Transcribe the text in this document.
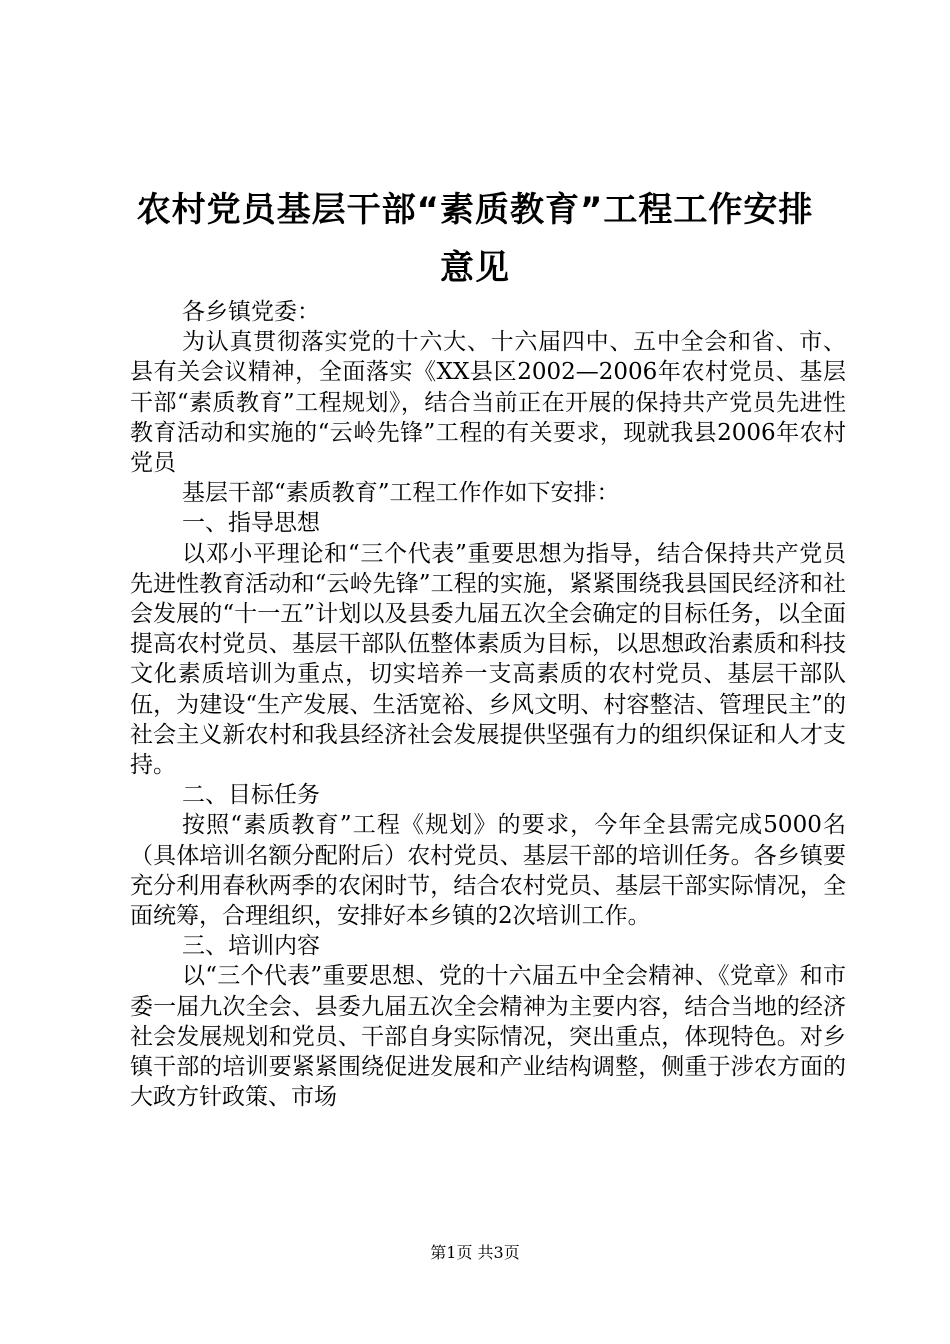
农村党员基层干部“素质教育”工程工作安排
意见

各乡镇党委：

为认真贯彻落实党的十六大、十六届四中、五中全会和省、市、县有关会议精神，全面落实《XX县区2002—2006年农村党员、基层干部“素质教育”工程规划》，结合当前正在开展的保持共产党员先进性教育活动和实施的“云岭先锋”工程的有关要求，现就我县2006年农村党员

基层干部“素质教育”工程工作作如下安排：

一、指导思想

以邓小平理论和“三个代表”重要思想为指导，结合保持共产党员先进性教育活动和“云岭先锋”工程的实施，紧紧围绕我县国民经济和社会发展的“十一五”计划以及县委九届五次全会确定的目标任务，以全面提高农村党员、基层干部队伍整体素质为目标，以思想政治素质和科技文化素质培训为重点，切实培养一支高素质的农村党员、基层干部队伍，为建设“生产发展、生活宽裕、乡风文明、村容整洁、管理民主”的社会主义新农村和我县经济社会发展提供坚强有力的组织保证和人才支持。

二、目标任务

按照“素质教育”工程《规划》的要求，今年全县需完成5000名（具体培训名额分配附后）农村党员、基层干部的培训任务。各乡镇要充分利用春秋两季的农闲时节，结合农村党员、基层干部实际情况，全面统筹，合理组织，安排好本乡镇的2次培训工作。

三、培训内容

以“三个代表”重要思想、党的十六届五中全会精神、《党章》和市委一届九次全会、县委九届五次全会精神为主要内容，结合当地的经济社会发展规划和党员、干部自身实际情况，突出重点，体现特色。对乡镇干部的培训要紧紧围绕促进发展和产业结构调整，侧重于涉农方面的大政方针政策、市场

第1页 共3页
